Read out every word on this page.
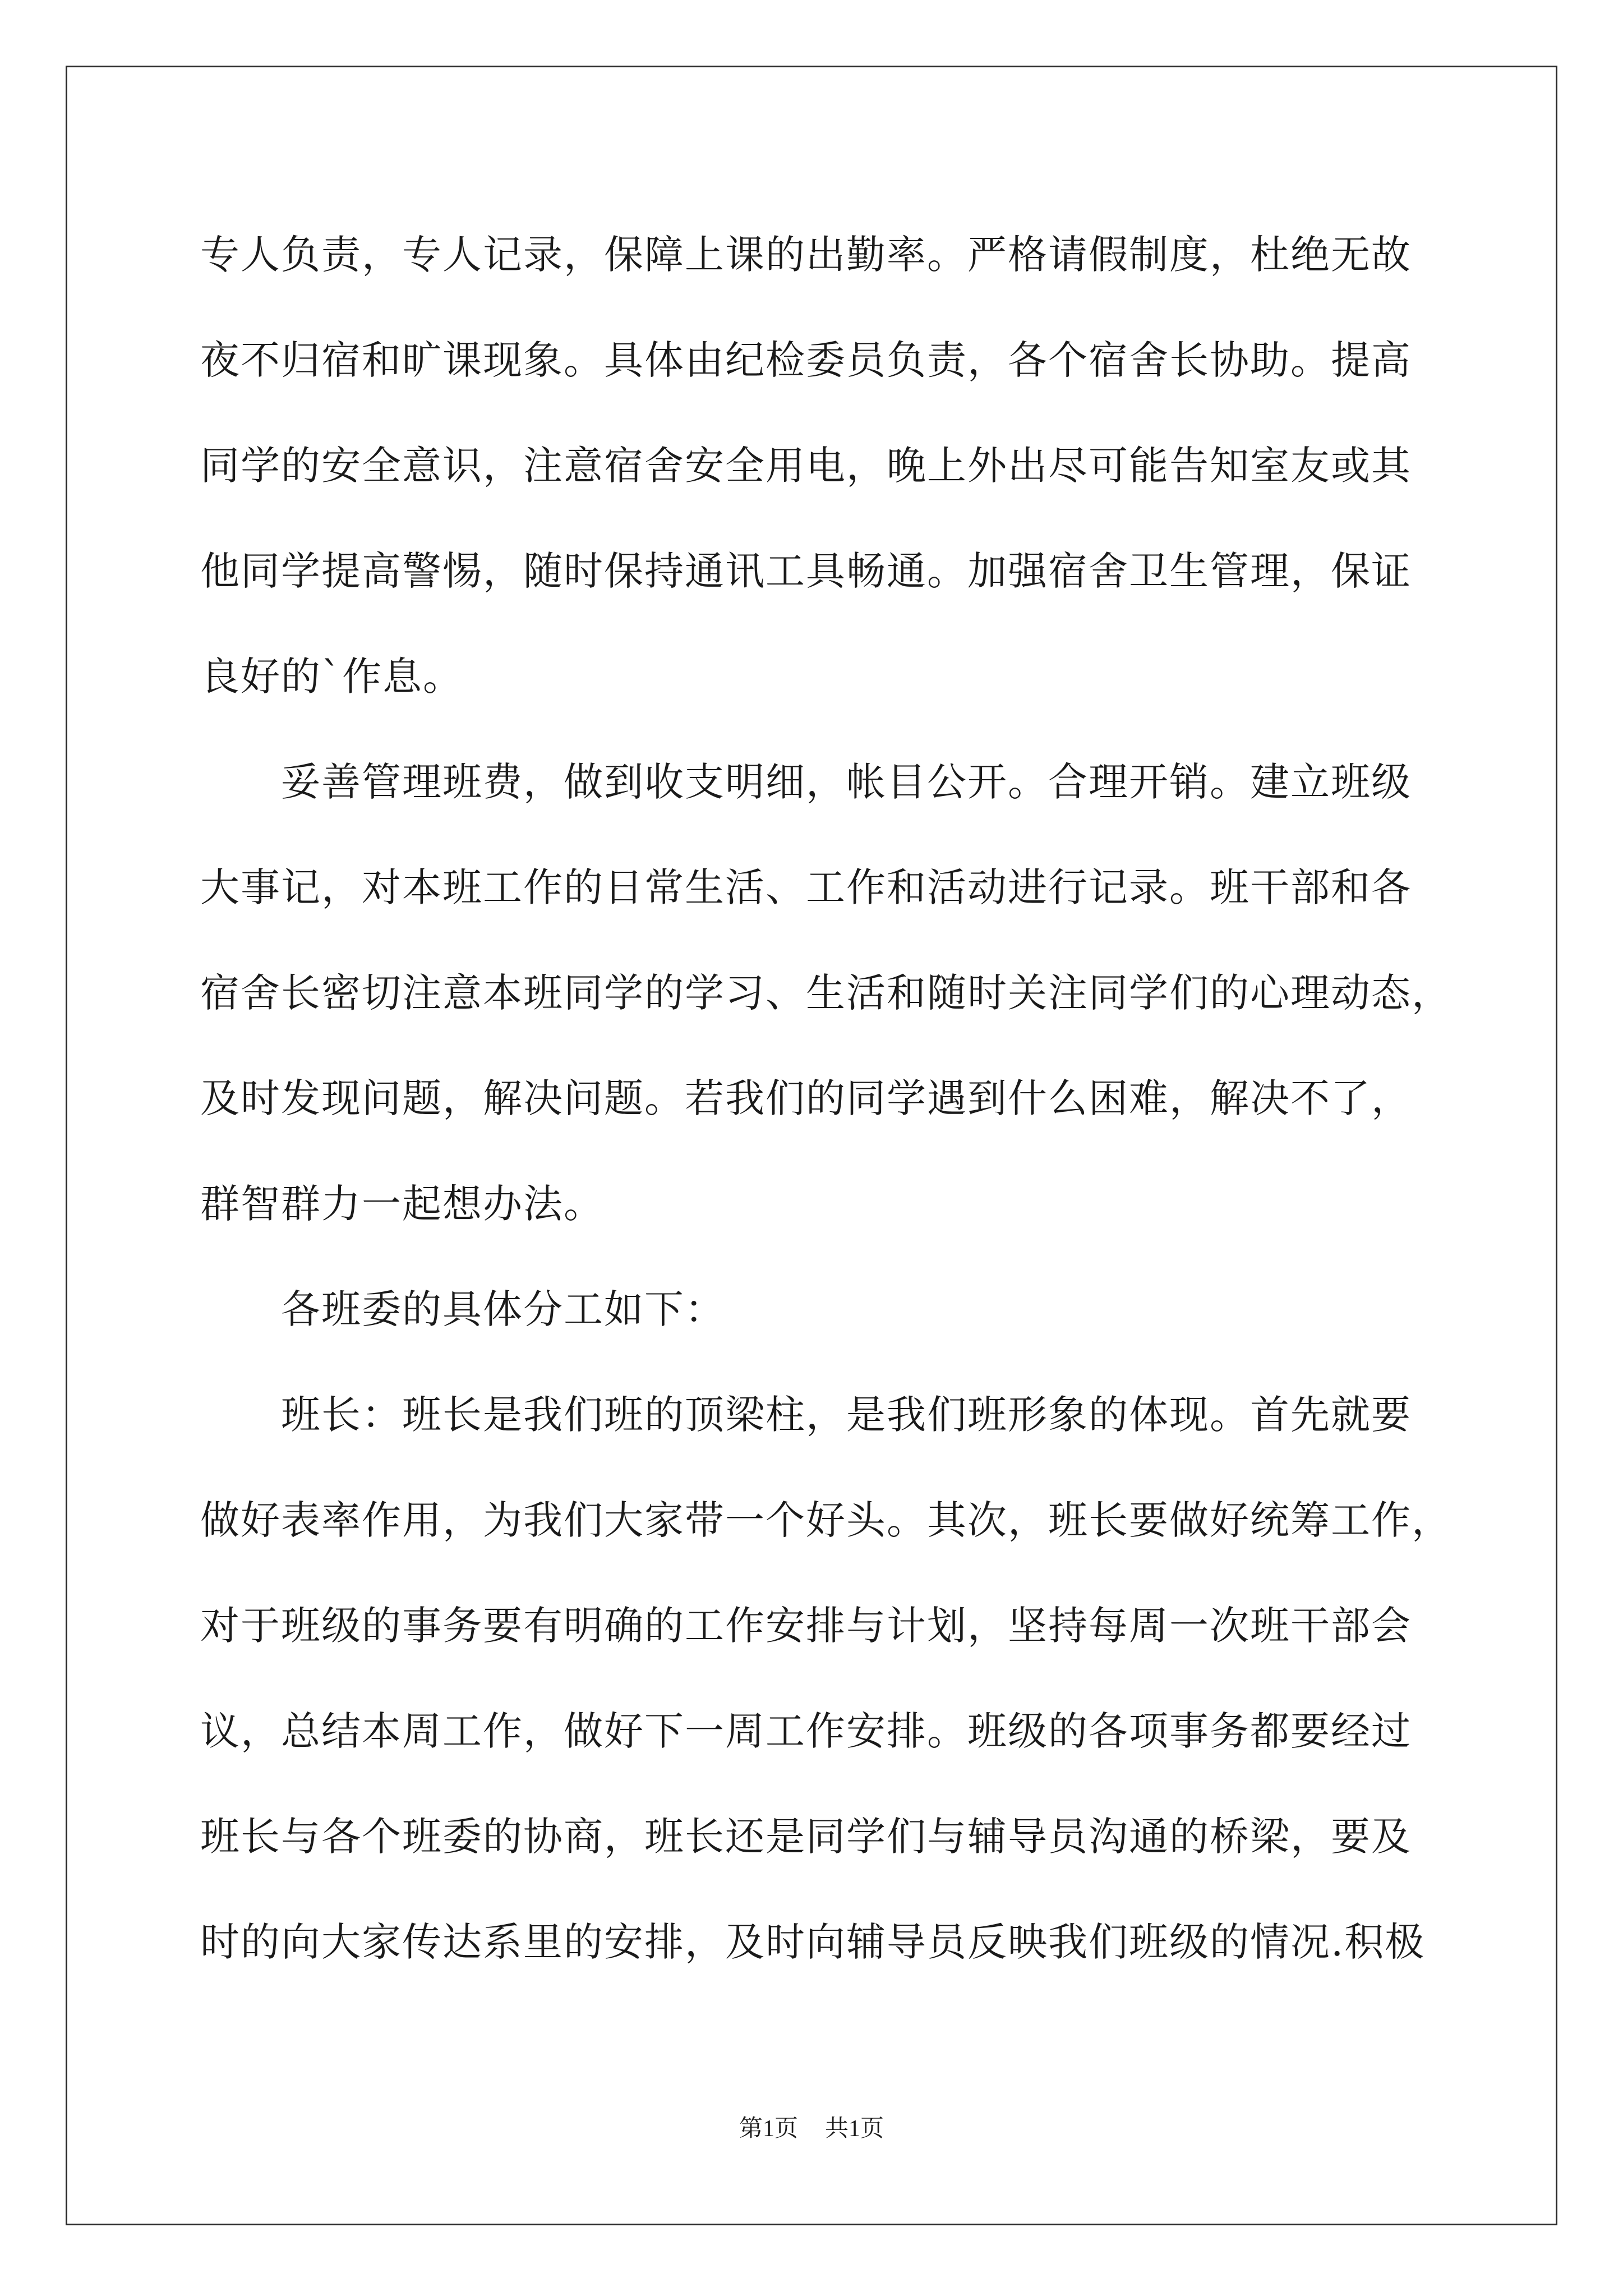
专人负责，专人记录，保障上课的出勤率。严格请假制度，杜绝无故
夜不归宿和旷课现象。具体由纪检委员负责，各个宿舍长协助。提高
同学的安全意识，注意宿舍安全用电，晚上外出尽可能告知室友或其
他同学提高警惕，随时保持通讯工具畅通。加强宿舍卫生管理，保证
良好的`作息。
妥善管理班费，做到收支明细，帐目公开。合理开销。建立班级
大事记，对本班工作的日常生活、工作和活动进行记录。班干部和各
宿舍长密切注意本班同学的学习、生活和随时关注同学们的心理动态，
及时发现问题，解决问题。若我们的同学遇到什么困难，解决不了，
群智群力一起想办法。
各班委的具体分工如下：
班长：班长是我们班的顶梁柱，是我们班形象的体现。首先就要
做好表率作用，为我们大家带一个好头。其次，班长要做好统筹工作，
对于班级的事务要有明确的工作安排与计划，坚持每周一次班干部会
议，总结本周工作，做好下一周工作安排。班级的各项事务都要经过
班长与各个班委的协商，班长还是同学们与辅导员沟通的桥梁，要及
时的向大家传达系里的安排，及时向辅导员反映我们班级的情况.积极
第1页 共1页
